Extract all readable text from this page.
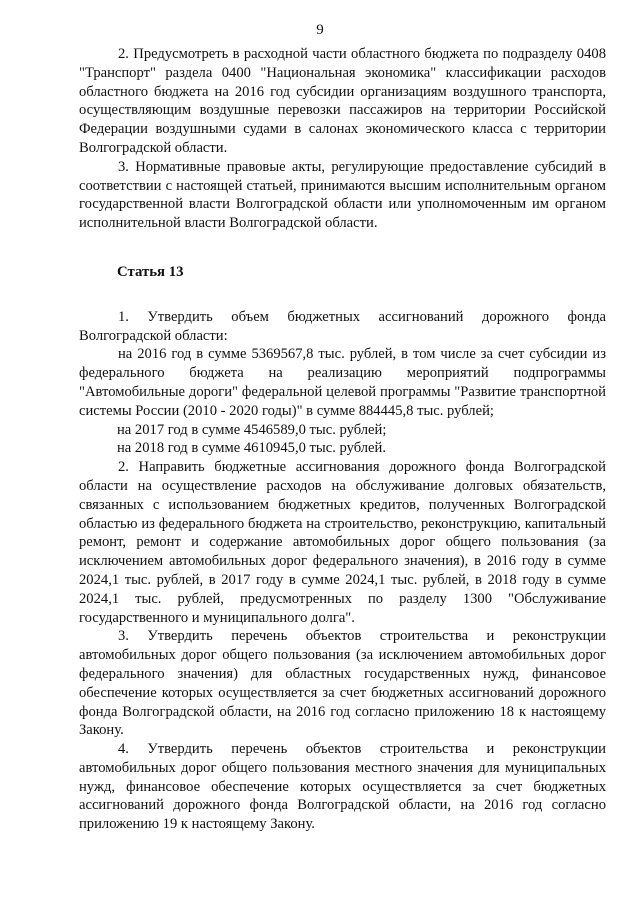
9

2. Предусмотреть в расходной части областного бюджета по подразделу 0408 "Транспорт" раздела 0400 "Национальная экономика" классификации расходов областного бюджета на 2016 год субсидии организациям воздушного транспорта, осуществляющим воздушные перевозки пассажиров на территории Российской Федерации воздушными судами в салонах экономического класса с территории Волгоградской области.

3. Нормативные правовые акты, регулирующие предоставление субсидий в соответствии с настоящей статьей, принимаются высшим исполнительным органом государственной власти Волгоградской области или уполномоченным им органом исполнительной власти Волгоградской области.

Статья 13

1. Утвердить объем бюджетных ассигнований дорожного фонда Волгоградской области:

на 2016 год в сумме 5369567,8 тыс. рублей, в том числе за счет субсидии из федерального бюджета на реализацию мероприятий подпрограммы "Автомобильные дороги" федеральной целевой программы "Развитие транспортной системы России (2010 - 2020 годы)" в сумме 884445,8 тыс. рублей;

на 2017 год в сумме 4546589,0 тыс. рублей;

на 2018 год в сумме 4610945,0 тыс. рублей.

2. Направить бюджетные ассигнования дорожного фонда Волгоградской области на осуществление расходов на обслуживание долговых обязательств, связанных с использованием бюджетных кредитов, полученных Волгоградской областью из федерального бюджета на строительство, реконструкцию, капитальный ремонт, ремонт и содержание автомобильных дорог общего пользования (за исключением автомобильных дорог федерального значения), в 2016 году в сумме 2024,1 тыс. рублей, в 2017 году в сумме 2024,1 тыс. рублей, в 2018 году в сумме 2024,1 тыс. рублей, предусмотренных по разделу 1300 "Обслуживание государственного и муниципального долга".

3. Утвердить перечень объектов строительства и реконструкции автомобильных дорог общего пользования (за исключением автомобильных дорог федерального значения) для областных государственных нужд, финансовое обеспечение которых осуществляется за счет бюджетных ассигнований дорожного фонда Волгоградской области, на 2016 год согласно приложению 18 к настоящему Закону.

4. Утвердить перечень объектов строительства и реконструкции автомобильных дорог общего пользования местного значения для муниципальных нужд, финансовое обеспечение которых осуществляется за счет бюджетных ассигнований дорожного фонда Волгоградской области, на 2016 год согласно приложению 19 к настоящему Закону.
